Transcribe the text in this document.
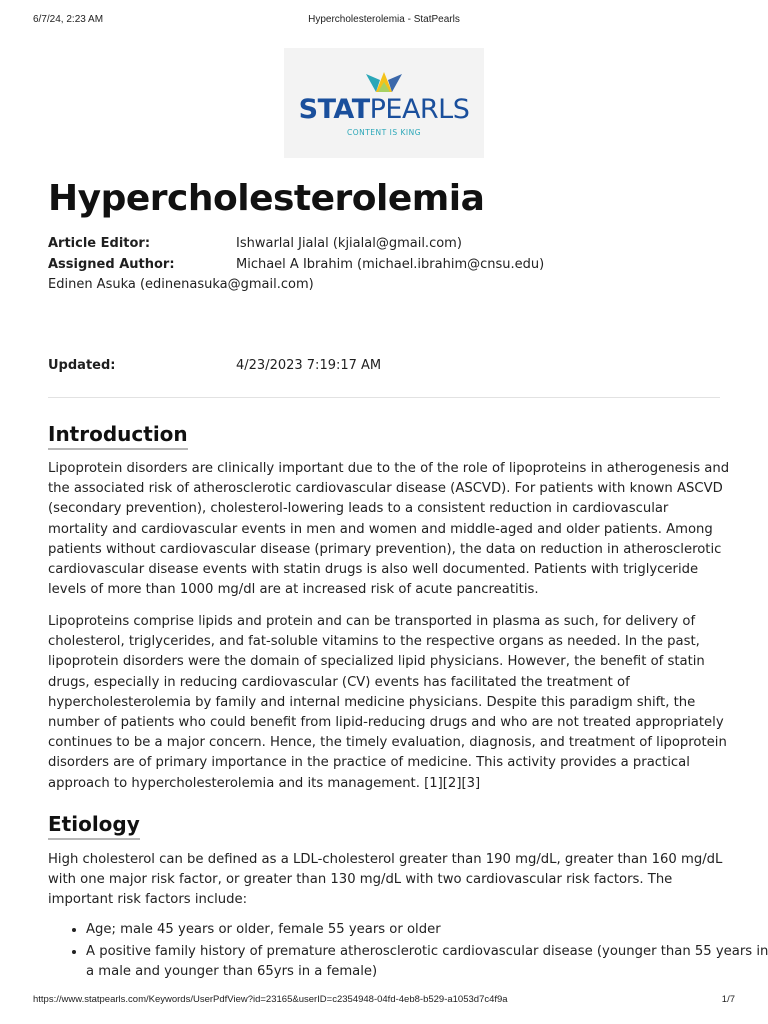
6/7/24, 2:23 AM	Hypercholesterolemia - StatPearls
STATPEARLS
CONTENT IS KING
Hypercholesterolemia
Article Editor:	Ishwarlal Jialal (kjialal@gmail.com)
Assigned Author:	Michael A Ibrahim (michael.ibrahim@cnsu.edu)
Edinen Asuka (edinenasuka@gmail.com)
Updated:	4/23/2023 7:19:17 AM
Introduction

Lipoprotein disorders are clinically important due to the of the role of lipoproteins in atherogenesis and the associated risk of atherosclerotic cardiovascular disease (ASCVD). For patients with known ASCVD (secondary prevention), cholesterol-lowering leads to a consistent reduction in cardiovascular mortality and cardiovascular events in men and women and middle-aged and older patients. Among patients without cardiovascular disease (primary prevention), the data on reduction in atherosclerotic cardiovascular disease events with statin drugs is also well documented. Patients with triglyceride levels of more than 1000 mg/dl are at increased risk of acute pancreatitis.

Lipoproteins comprise lipids and protein and can be transported in plasma as such, for delivery of cholesterol, triglycerides, and fat-soluble vitamins to the respective organs as needed. In the past, lipoprotein disorders were the domain of specialized lipid physicians. However, the benefit of statin drugs, especially in reducing cardiovascular (CV) events has facilitated the treatment of hypercholesterolemia by family and internal medicine physicians. Despite this paradigm shift, the number of patients who could benefit from lipid-reducing drugs and who are not treated appropriately continues to be a major concern. Hence, the timely evaluation, diagnosis, and treatment of lipoprotein disorders are of primary importance in the practice of medicine. This activity provides a practical approach to hypercholesterolemia and its management. [1][2][3]

Etiology

High cholesterol can be defined as a LDL-cholesterol greater than 190 mg/dL, greater than 160 mg/dL with one major risk factor, or greater than 130 mg/dL with two cardiovascular risk factors. The important risk factors include:

• Age; male 45 years or older, female 55 years or older
• A positive family history of premature atherosclerotic cardiovascular disease (younger than 55 years in a male and younger than 65yrs in a female)
https://www.statpearls.com/Keywords/UserPdfView?id=23165&userID=c2354948-04fd-4eb8-b529-a1053d7c4f9a	1/7
